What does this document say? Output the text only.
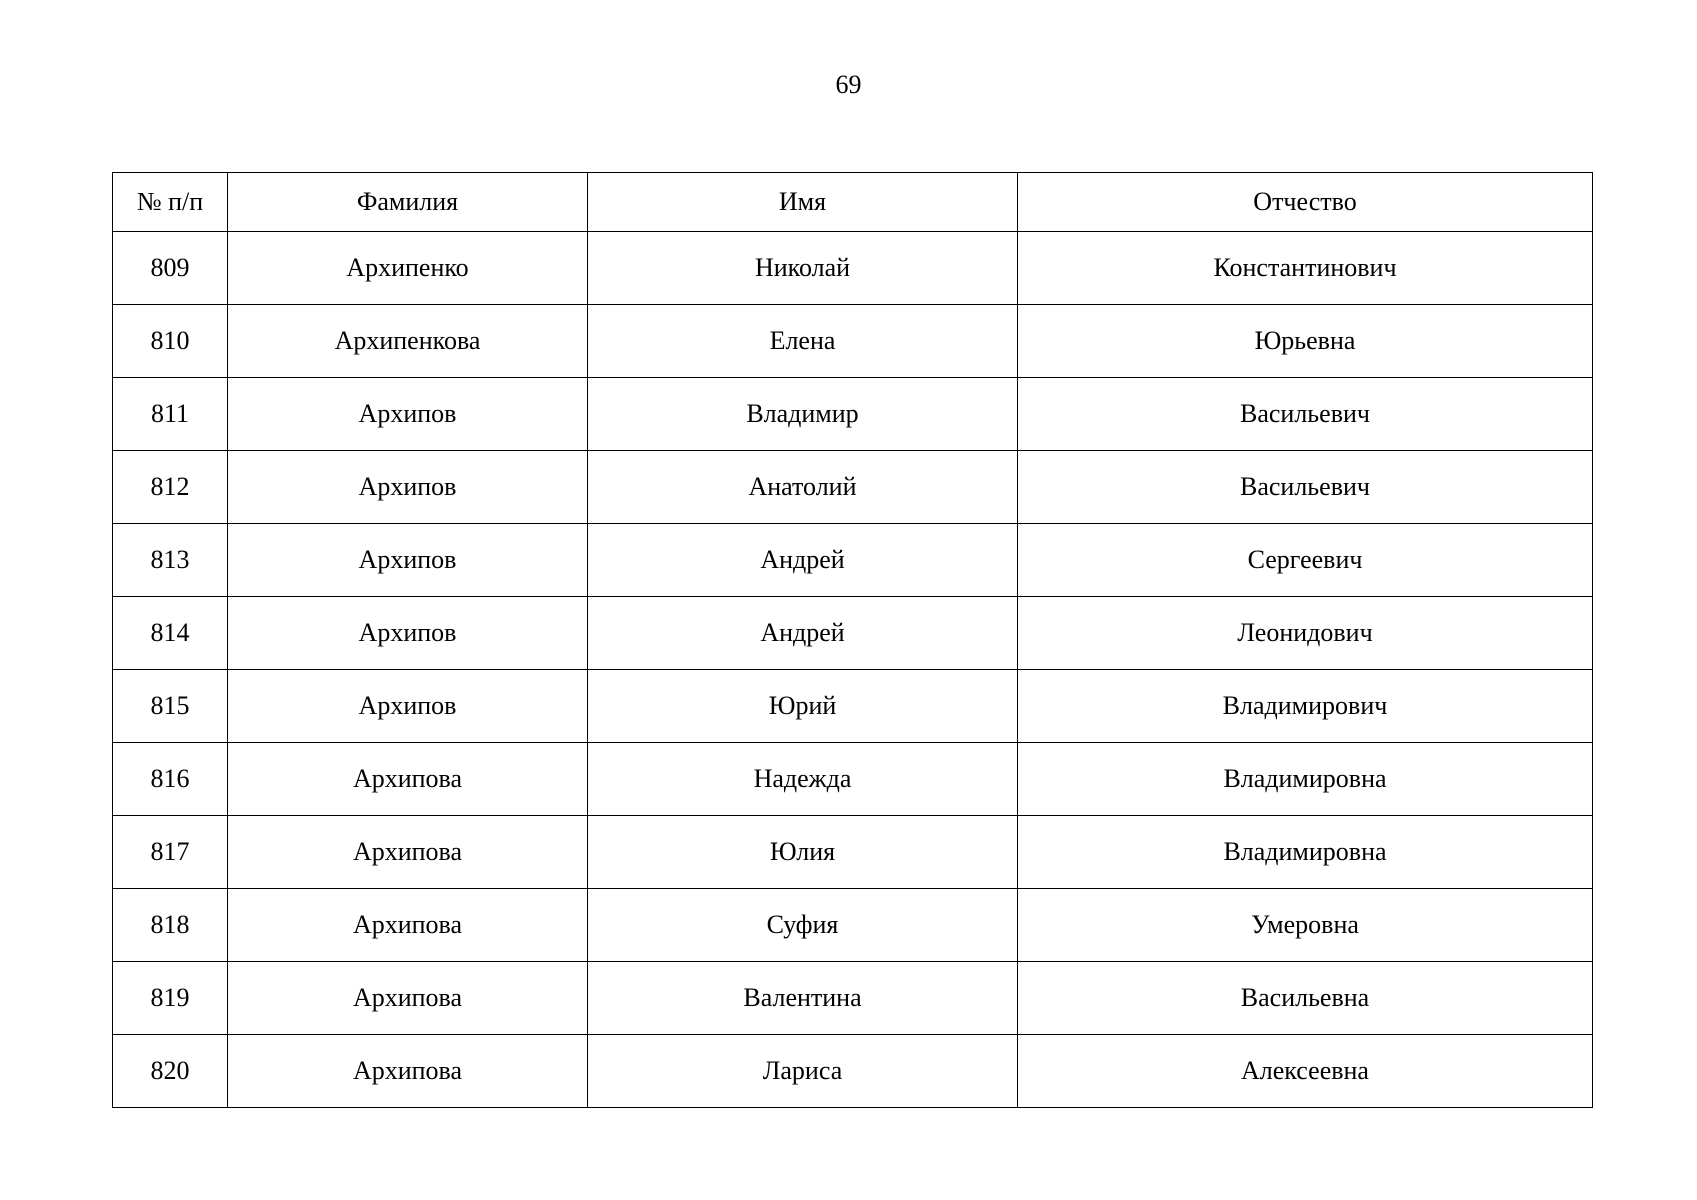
69
№ п/п	Фамилия	Имя	Отчество
809	Архипенко	Николай	Константинович
810	Архипенкова	Елена	Юрьевна
811	Архипов	Владимир	Васильевич
812	Архипов	Анатолий	Васильевич
813	Архипов	Андрей	Сергеевич
814	Архипов	Андрей	Леонидович
815	Архипов	Юрий	Владимирович
816	Архипова	Надежда	Владимировна
817	Архипова	Юлия	Владимировна
818	Архипова	Суфия	Умеровна
819	Архипова	Валентина	Васильевна
820	Архипова	Лариса	Алексеевна
